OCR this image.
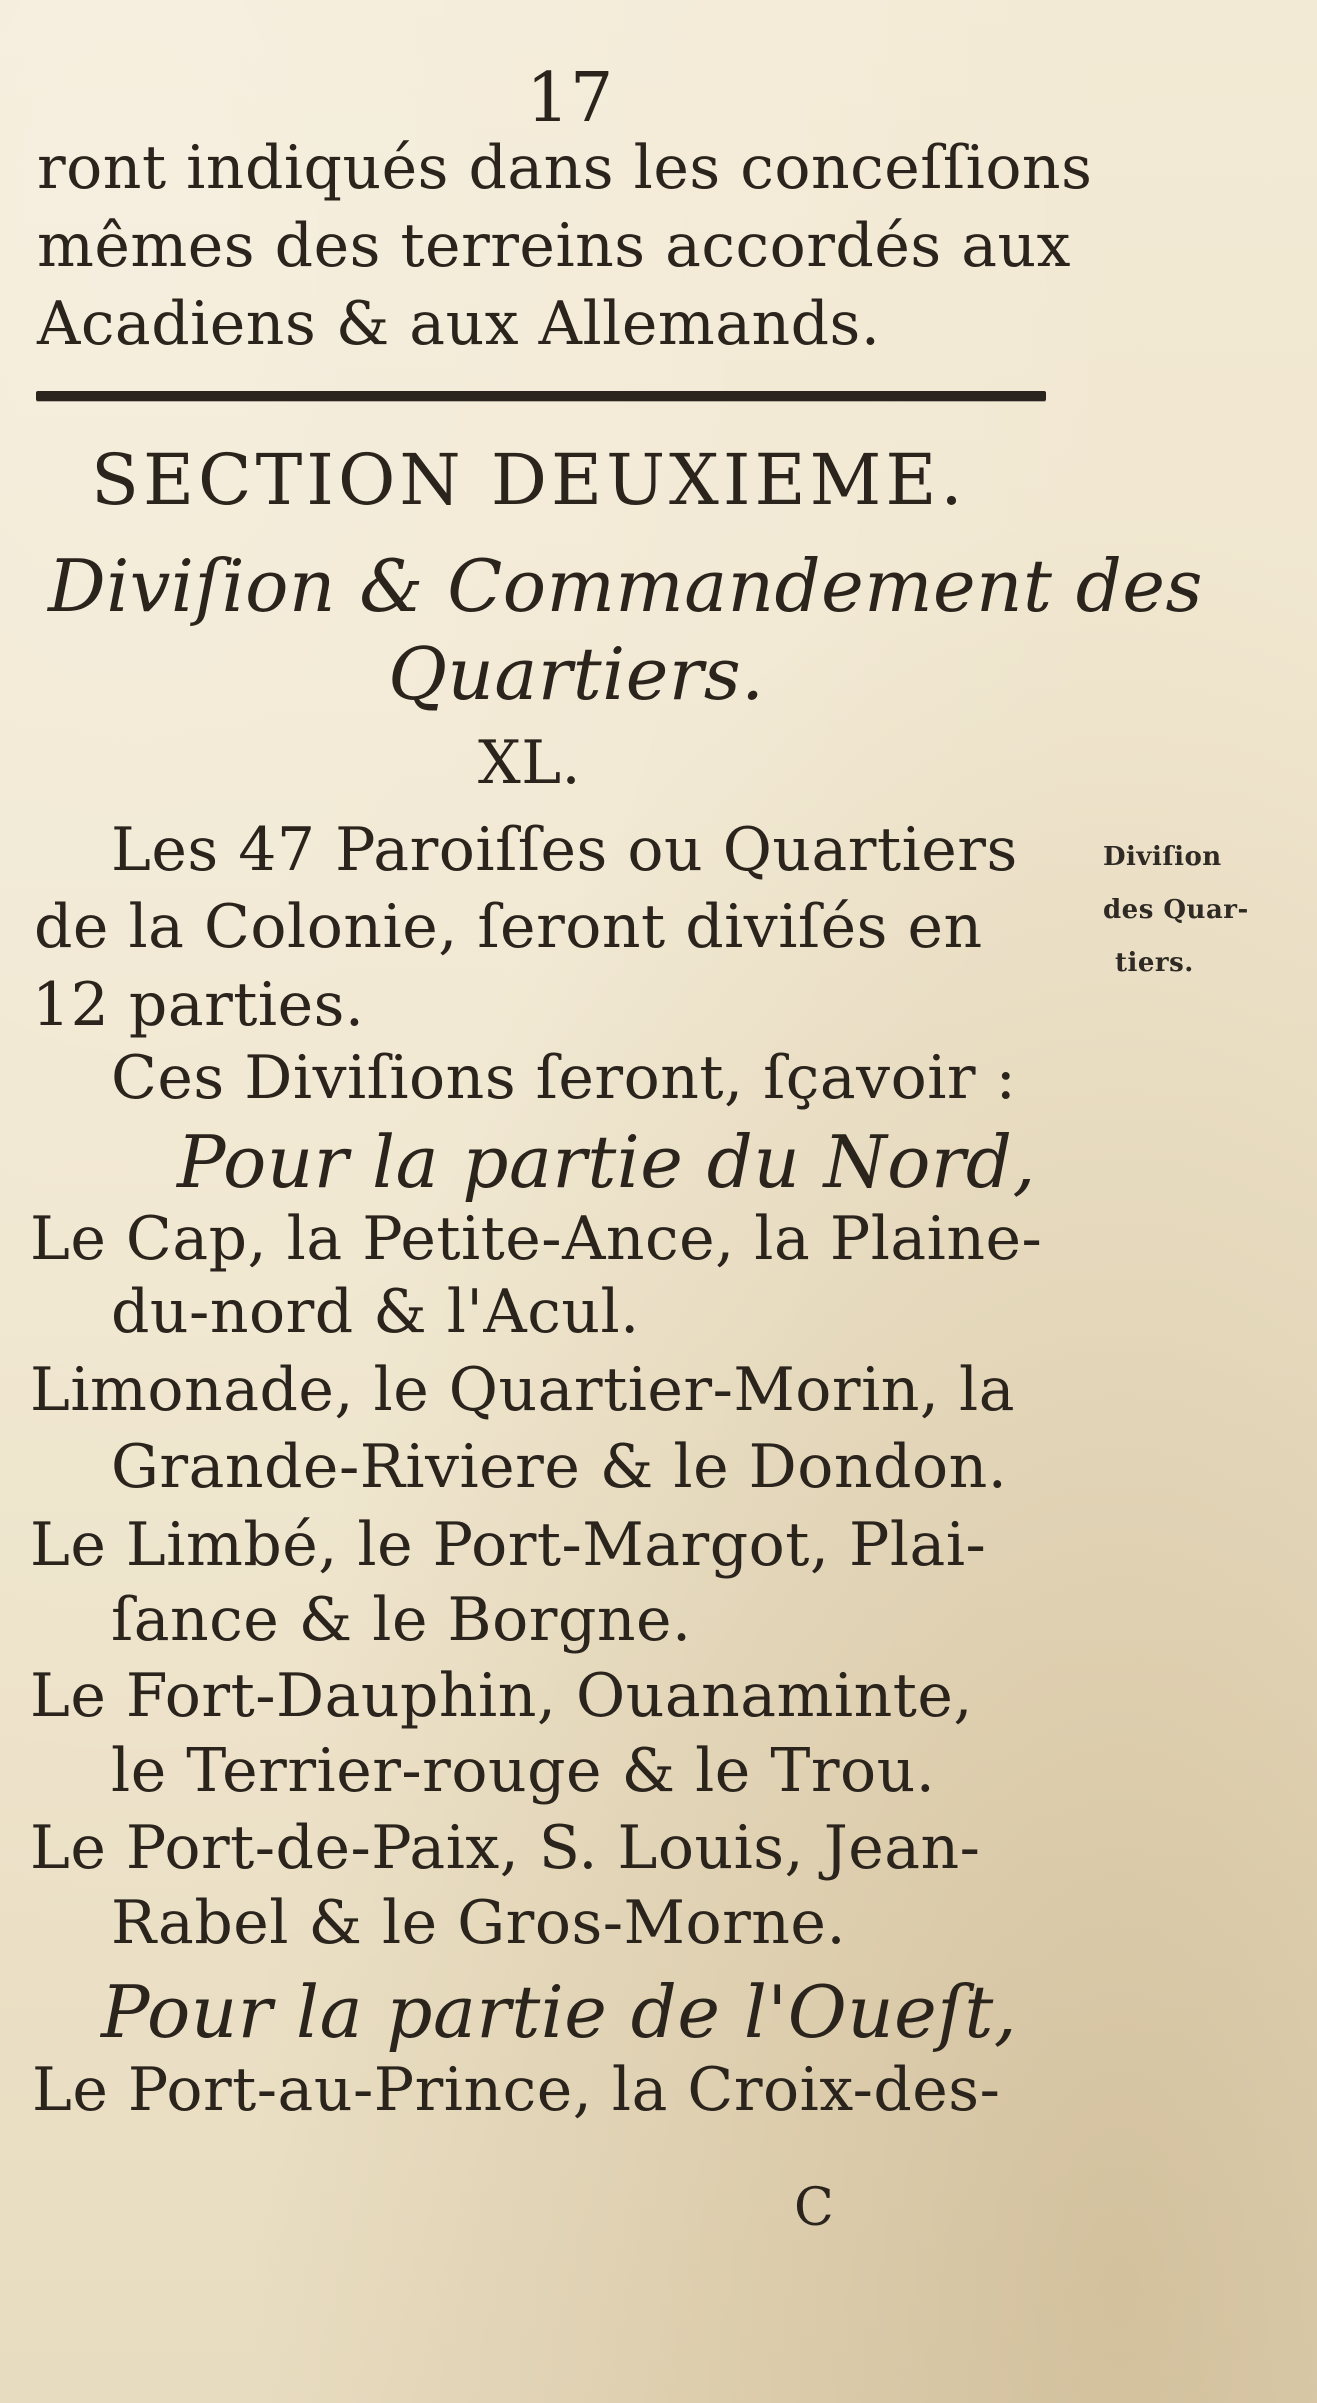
17
ront indiqués dans les conceſſions
mêmes des terreins accordés aux
Acadiens & aux Allemands.
SECTION DEUXIEME.
Diviſion & Commandement des
Quartiers.
XL.
Les 47 Paroiſſes ou Quartiers
de la Colonie, ſeront diviſés en
12 parties.
Ces Diviſions ſeront, ſçavoir :
Diviſion
des Quar-
tiers.
Pour la partie du Nord,
Le Cap, la Petite-Ance, la Plaine-
du-nord & l'Acul.
Limonade, le Quartier-Morin, la
Grande-Riviere & le Dondon.
Le Limbé, le Port-Margot, Plai-
ſance & le Borgne.
Le Fort-Dauphin, Ouanaminte,
le Terrier-rouge & le Trou.
Le Port-de-Paix, S. Louis, Jean-
Rabel & le Gros-Morne.
Pour la partie de l'Oueſt,
Le Port-au-Prince, la Croix-des-
C
